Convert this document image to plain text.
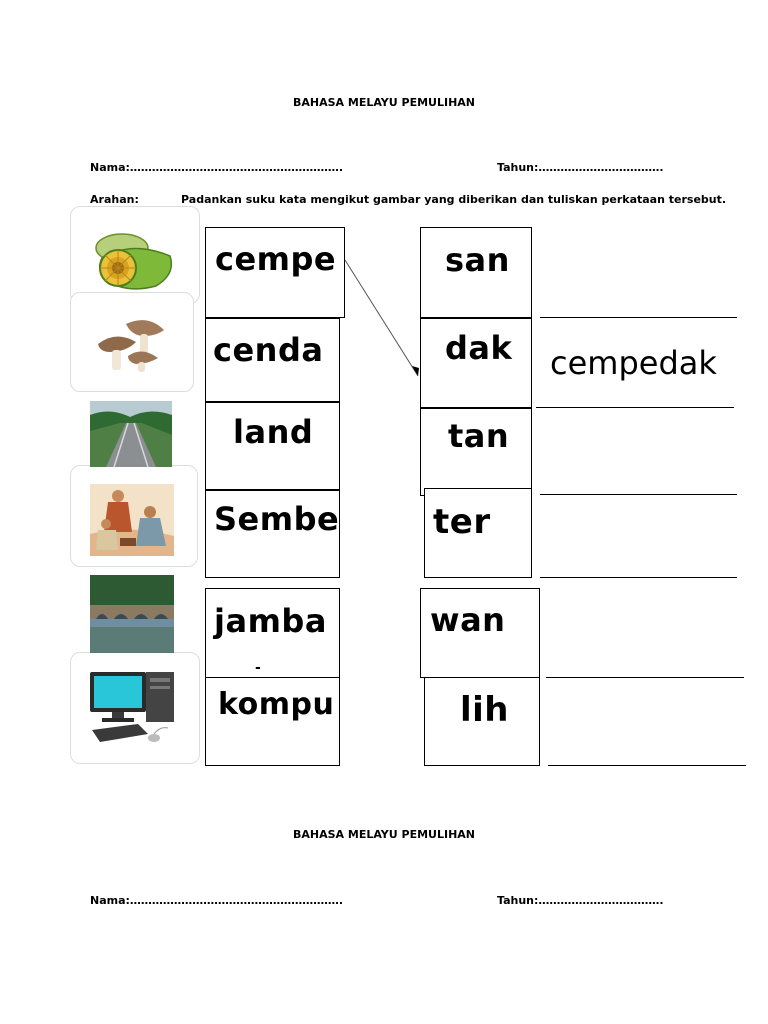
BAHASA MELAYU PEMULIHAN
Nama:………………………………………………….	Tahun:…………………………….
Arahan:	Padankan suku kata mengikut gambar yang diberikan dan tuliskan perkataan tersebut.
cempe
cenda
land
Sembe
jamba
-
kompu
san
dak
tan
ter
wan
lih
cempedak
BAHASA MELAYU PEMULIHAN
Nama:………………………………………………….	Tahun:…………………………….
